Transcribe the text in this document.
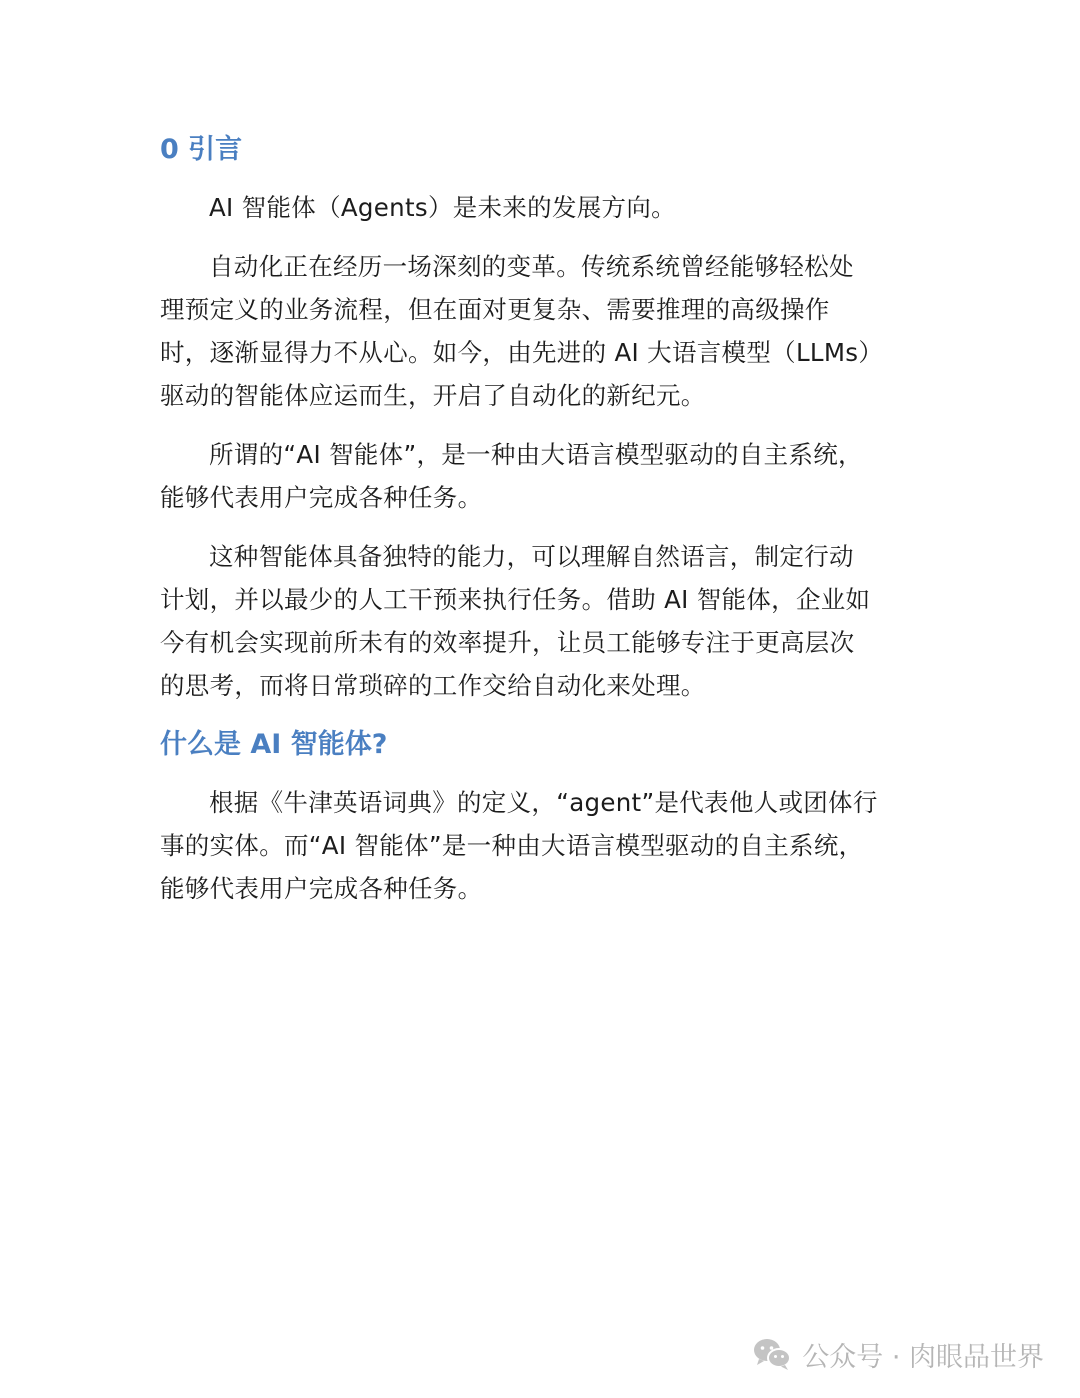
0 引言

AI 智能体（Agents）是未来的发展方向。

自动化正在经历一场深刻的变革。传统系统曾经能够轻松处
理预定义的业务流程，但在面对更复杂、需要推理的高级操作
时，逐渐显得力不从心。如今，由先进的 AI 大语言模型（LLMs）
驱动的智能体应运而生，开启了自动化的新纪元。

所谓的“AI 智能体”，是一种由大语言模型驱动的自主系统，
能够代表用户完成各种任务。

这种智能体具备独特的能力，可以理解自然语言，制定行动
计划，并以最少的人工干预来执行任务。借助 AI 智能体，企业如
今有机会实现前所未有的效率提升，让员工能够专注于更高层次
的思考，而将日常琐碎的工作交给自动化来处理。

什么是 AI 智能体?

根据《牛津英语词典》的定义，“agent”是代表他人或团体行
事的实体。而“AI 智能体”是一种由大语言模型驱动的自主系统，
能够代表用户完成各种任务。

公众号 · 肉眼品世界
